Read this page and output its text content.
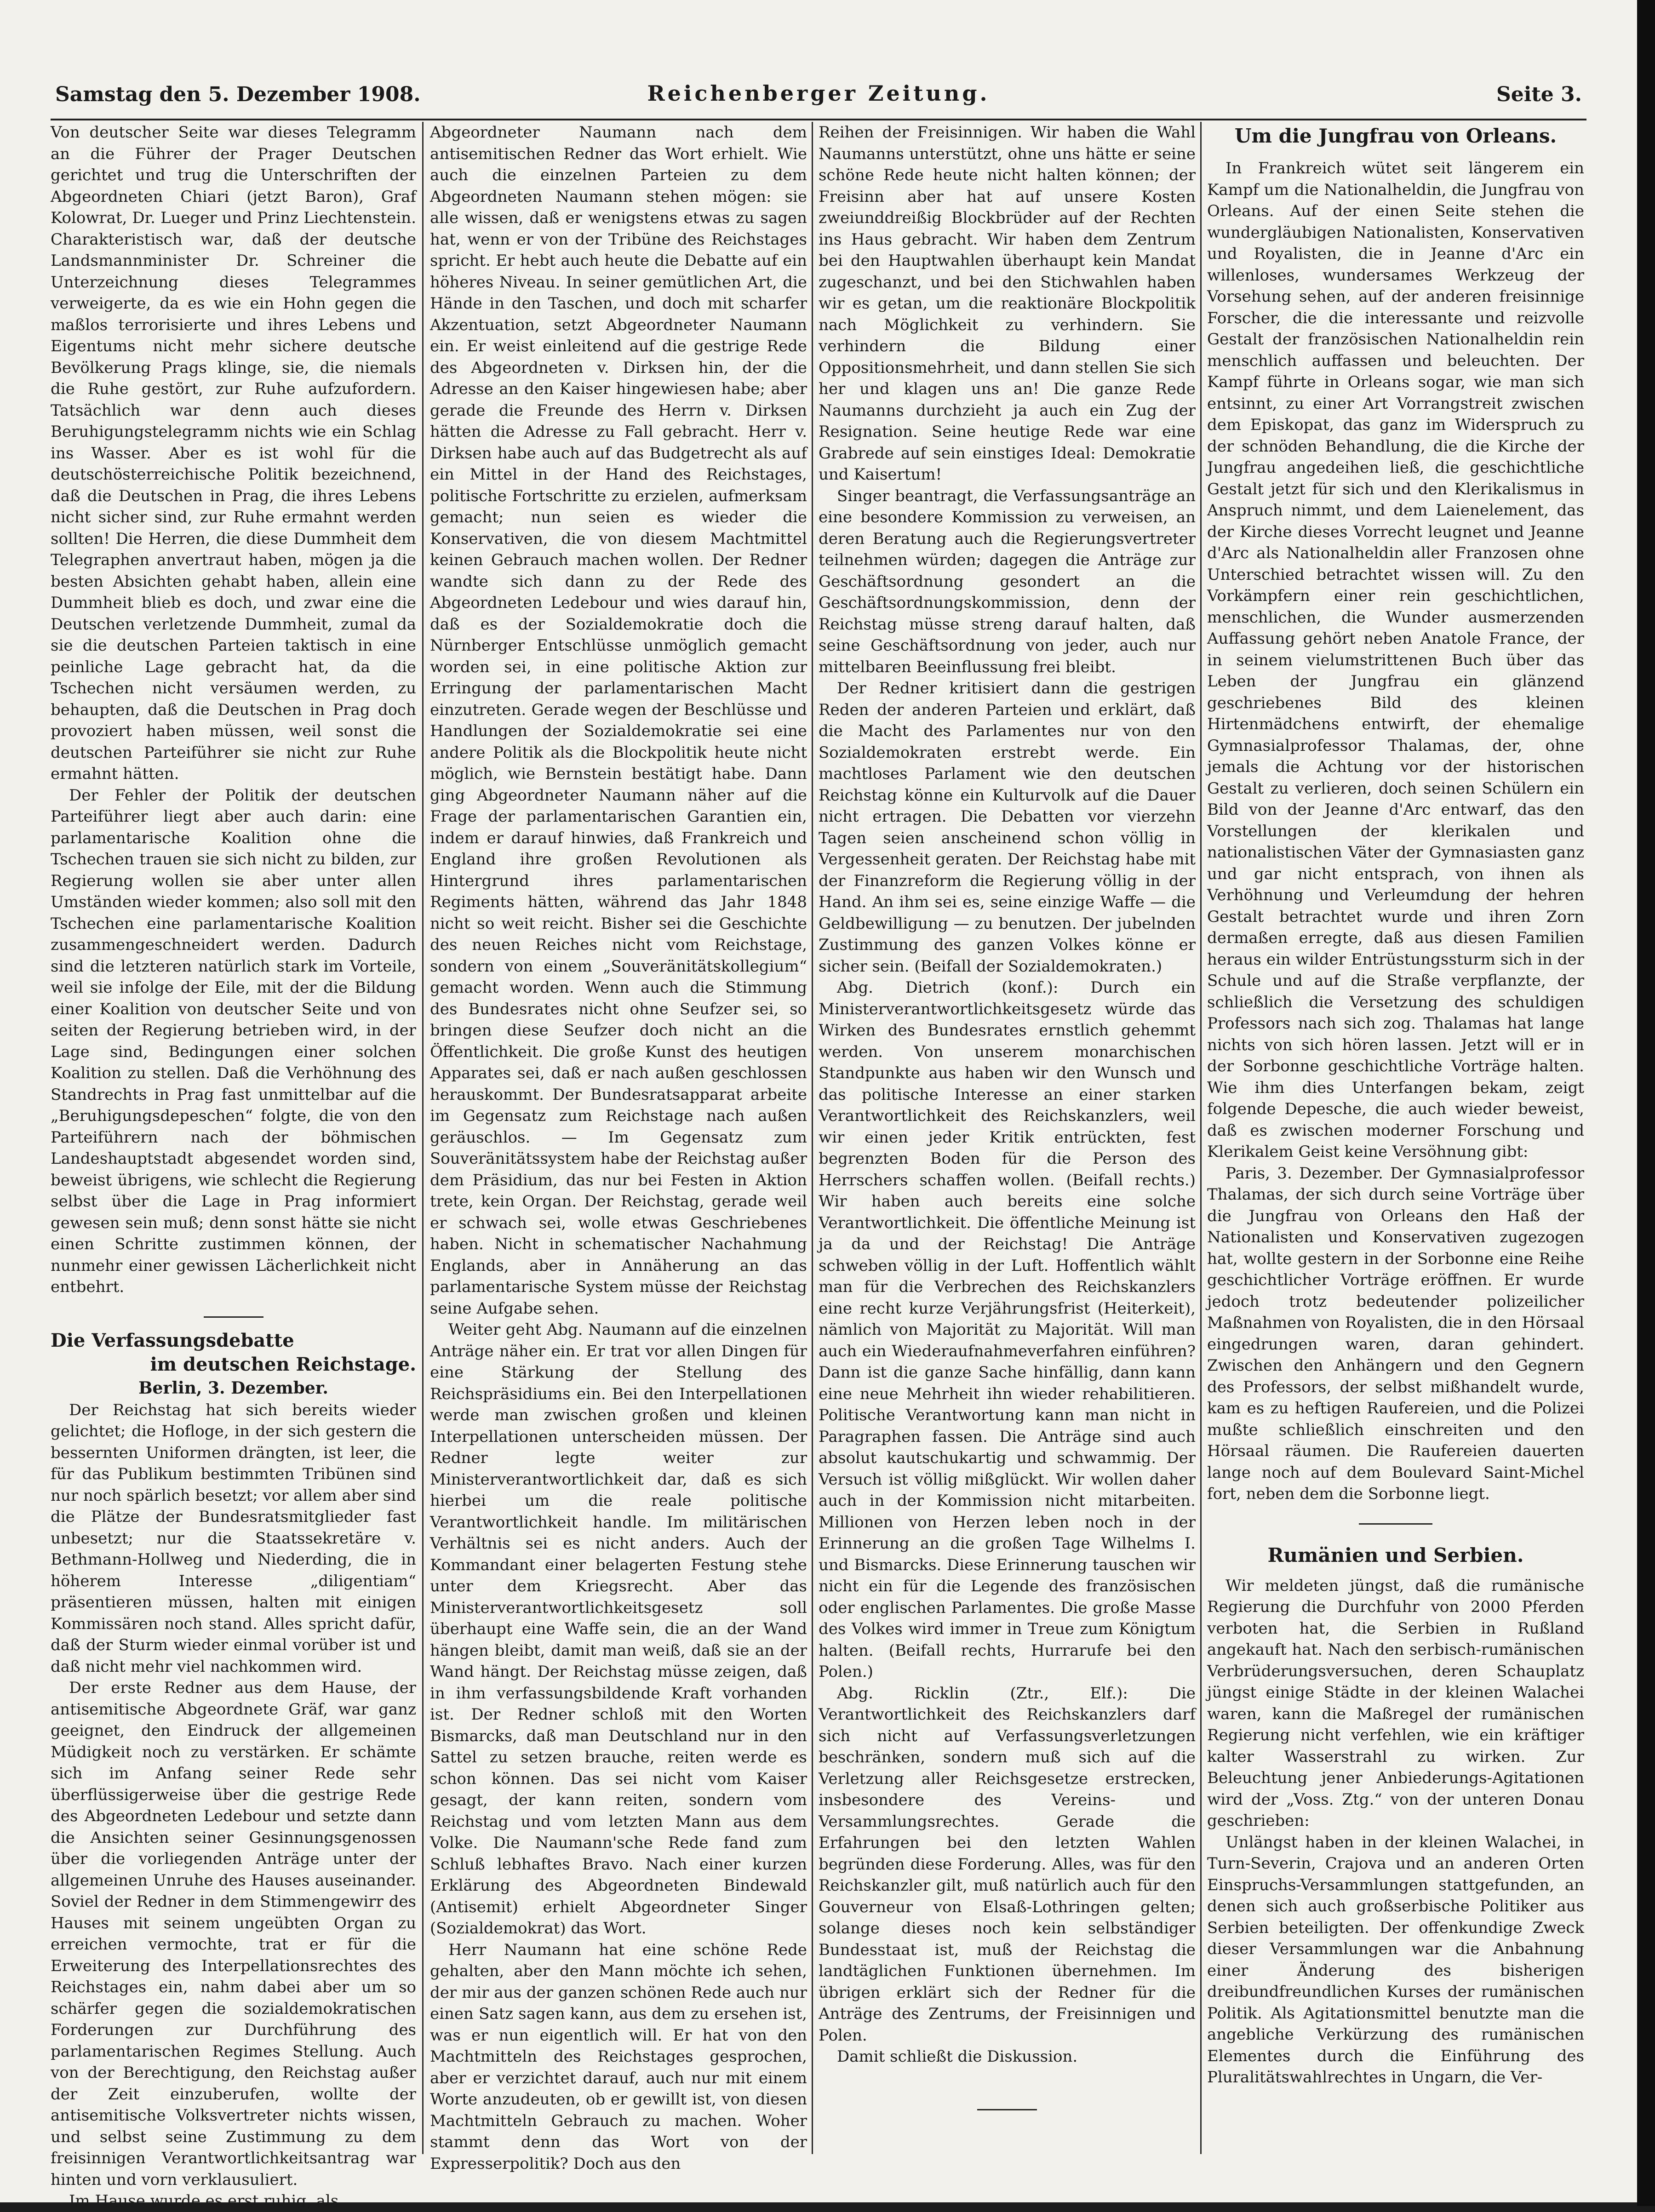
Samstag den 5. Dezember 1908.	Reichenberger Zeitung.	Seite 3.

Von deutscher Seite war dieses Telegramm an die Führer der Prager Deutschen gerichtet und trug die Unterschriften der Abgeordneten Chiari (jetzt Baron), Graf Kolowrat, Dr. Lueger und Prinz Liechtenstein. Charakteristisch war, daß der deutsche Landsmannminister Dr. Schreiner die Unterzeichnung dieses Telegrammes verweigerte, da es wie ein Hohn gegen die maßlos terrorisierte und ihres Lebens und Eigentums nicht mehr sichere deutsche Bevölkerung Prags klinge, sie, die niemals die Ruhe gestört, zur Ruhe aufzufordern. Tatsächlich war denn auch dieses Beruhigungstelegramm nichts wie ein Schlag ins Wasser. Aber es ist wohl für die deutschösterreichische Politik bezeichnend, daß die Deutschen in Prag, die ihres Lebens nicht sicher sind, zur Ruhe ermahnt werden sollten! Die Herren, die diese Dummheit dem Telegraphen anvertraut haben, mögen ja die besten Absichten gehabt haben, allein eine Dummheit blieb es doch, und zwar eine die Deutschen verletzende Dummheit, zumal da sie die deutschen Parteien taktisch in eine peinliche Lage gebracht hat, da die Tschechen nicht versäumen werden, zu behaupten, daß die Deutschen in Prag doch provoziert haben müssen, weil sonst die deutschen Parteiführer sie nicht zur Ruhe ermahnt hätten.

Der Fehler der Politik der deutschen Parteiführer liegt aber auch darin: eine parlamentarische Koalition ohne die Tschechen trauen sie sich nicht zu bilden, zur Regierung wollen sie aber unter allen Umständen wieder kommen; also soll mit den Tschechen eine parlamentarische Koalition zusammengeschneidert werden. Dadurch sind die letzteren natürlich stark im Vorteile, weil sie infolge der Eile, mit der die Bildung einer Koalition von deutscher Seite und von seiten der Regierung betrieben wird, in der Lage sind, Bedingungen einer solchen Koalition zu stellen. Daß die Verhöhnung des Standrechts in Prag fast unmittelbar auf die „Beruhigungsdepeschen“ folgte, die von den Parteiführern nach der böhmischen Landeshauptstadt abgesendet worden sind, beweist übrigens, wie schlecht die Regierung selbst über die Lage in Prag informiert gewesen sein muß; denn sonst hätte sie nicht einen Schritte zustimmen können, der nunmehr einer gewissen Lächerlichkeit nicht entbehrt.

Die Verfassungsdebatte
im deutschen Reichstage.
Berlin, 3. Dezember.

Der Reichstag hat sich bereits wieder gelichtet; die Hofloge, in der sich gestern die bessernten Uniformen drängten, ist leer, die für das Publikum bestimmten Tribünen sind nur noch spärlich besetzt; vor allem aber sind die Plätze der Bundesratsmitglieder fast unbesetzt; nur die Staatssekretäre v. Bethmann-Hollweg und Niederding, die in höherem Interesse „diligentiam“ präsentieren müssen, halten mit einigen Kommissären noch stand. Alles spricht dafür, daß der Sturm wieder einmal vorüber ist und daß nicht mehr viel nachkommen wird.

Der erste Redner aus dem Hause, der antisemitische Abgeordnete Gräf, war ganz geeignet, den Eindruck der allgemeinen Müdigkeit noch zu verstärken. Er schämte sich im Anfang seiner Rede sehr überflüssigerweise über die gestrige Rede des Abgeordneten Ledebour und setzte dann die Ansichten seiner Gesinnungsgenossen über die vorliegenden Anträge unter der allgemeinen Unruhe des Hauses auseinander. Soviel der Redner in dem Stimmengewirr des Hauses mit seinem ungeübten Organ zu erreichen vermochte, trat er für die Erweiterung des Interpellationsrechtes des Reichstages ein, nahm dabei aber um so schärfer gegen die sozialdemokratischen Forderungen zur Durchführung des parlamentarischen Regimes Stellung. Auch von der Berechtigung, den Reichstag außer der Zeit einzuberufen, wollte der antisemitische Volksvertreter nichts wissen, und selbst seine Zustimmung zu dem freisinnigen Verantwortlichkeitsantrag war hinten und vorn verklausuliert.

Im Hause wurde es erst ruhig, als

Abgeordneter Naumann nach dem antisemitischen Redner das Wort erhielt. Wie auch die einzelnen Parteien zu dem Abgeordneten Naumann stehen mögen: sie alle wissen, daß er wenigstens etwas zu sagen hat, wenn er von der Tribüne des Reichstages spricht. Er hebt auch heute die Debatte auf ein höheres Niveau. In seiner gemütlichen Art, die Hände in den Taschen, und doch mit scharfer Akzentuation, setzt Abgeordneter Naumann ein. Er weist einleitend auf die gestrige Rede des Abgeordneten v. Dirksen hin, der die Adresse an den Kaiser hingewiesen habe; aber gerade die Freunde des Herrn v. Dirksen hätten die Adresse zu Fall gebracht. Herr v. Dirksen habe auch auf das Budgetrecht als auf ein Mittel in der Hand des Reichstages, politische Fortschritte zu erzielen, aufmerksam gemacht; nun seien es wieder die Konservativen, die von diesem Machtmittel keinen Gebrauch machen wollen. Der Redner wandte sich dann zu der Rede des Abgeordneten Ledebour und wies darauf hin, daß es der Sozialdemokratie doch die Nürnberger Entschlüsse unmöglich gemacht worden sei, in eine politische Aktion zur Erringung der parlamentarischen Macht einzutreten. Gerade wegen der Beschlüsse und Handlungen der Sozialdemokratie sei eine andere Politik als die Blockpolitik heute nicht möglich, wie Bernstein bestätigt habe. Dann ging Abgeordneter Naumann näher auf die Frage der parlamentarischen Garantien ein, indem er darauf hinwies, daß Frankreich und England ihre großen Revolutionen als Hintergrund ihres parlamentarischen Regiments hätten, während das Jahr 1848 nicht so weit reicht. Bisher sei die Geschichte des neuen Reiches nicht vom Reichstage, sondern von einem „Souveränitätskollegium“ gemacht worden. Wenn auch die Stimmung des Bundesrates nicht ohne Seufzer sei, so bringen diese Seufzer doch nicht an die Öffentlichkeit. Die große Kunst des heutigen Apparates sei, daß er nach außen geschlossen herauskommt. Der Bundesratsapparat arbeite im Gegensatz zum Reichstage nach außen geräuschlos. — Im Gegensatz zum Souveränitätssystem habe der Reichstag außer dem Präsidium, das nur bei Festen in Aktion trete, kein Organ. Der Reichstag, gerade weil er schwach sei, wolle etwas Geschriebenes haben. Nicht in schematischer Nachahmung Englands, aber in Annäherung an das parlamentarische System müsse der Reichstag seine Aufgabe sehen.

Weiter geht Abg. Naumann auf die einzelnen Anträge näher ein. Er trat vor allen Dingen für eine Stärkung der Stellung des Reichspräsidiums ein. Bei den Interpellationen werde man zwischen großen und kleinen Interpellationen unterscheiden müssen. Der Redner legte weiter zur Ministerverantwortlichkeit dar, daß es sich hierbei um die reale politische Verantwortlichkeit handle. Im militärischen Verhältnis sei es nicht anders. Auch der Kommandant einer belagerten Festung stehe unter dem Kriegsrecht. Aber das Ministerverantwortlichkeitsgesetz soll überhaupt eine Waffe sein, die an der Wand hängen bleibt, damit man weiß, daß sie an der Wand hängt. Der Reichstag müsse zeigen, daß in ihm verfassungsbildende Kraft vorhanden ist. Der Redner schloß mit den Worten Bismarcks, daß man Deutschland nur in den Sattel zu setzen brauche, reiten werde es schon können. Das sei nicht vom Kaiser gesagt, der kann reiten, sondern vom Reichstag und vom letzten Mann aus dem Volke. Die Naumann'sche Rede fand zum Schluß lebhaftes Bravo. Nach einer kurzen Erklärung des Abgeordneten Bindewald (Antisemit) erhielt Abgeordneter Singer (Sozialdemokrat) das Wort.

Herr Naumann hat eine schöne Rede gehalten, aber den Mann möchte ich sehen, der mir aus der ganzen schönen Rede auch nur einen Satz sagen kann, aus dem zu ersehen ist, was er nun eigentlich will. Er hat von den Machtmitteln des Reichstages gesprochen, aber er verzichtet darauf, auch nur mit einem Worte anzudeuten, ob er gewillt ist, von diesen Machtmitteln Gebrauch zu machen. Woher stammt denn das Wort von der Expresserpolitik? Doch aus den

Reihen der Freisinnigen. Wir haben die Wahl Naumanns unterstützt, ohne uns hätte er seine schöne Rede heute nicht halten können; der Freisinn aber hat auf unsere Kosten zweiunddreißig Blockbrüder auf der Rechten ins Haus gebracht. Wir haben dem Zentrum bei den Hauptwahlen überhaupt kein Mandat zugeschanzt, und bei den Stichwahlen haben wir es getan, um die reaktionäre Blockpolitik nach Möglichkeit zu verhindern. Sie verhindern die Bildung einer Oppositionsmehrheit, und dann stellen Sie sich her und klagen uns an! Die ganze Rede Naumanns durchzieht ja auch ein Zug der Resignation. Seine heutige Rede war eine Grabrede auf sein einstiges Ideal: Demokratie und Kaisertum!

Singer beantragt, die Verfassungsanträge an eine besondere Kommission zu verweisen, an deren Beratung auch die Regierungsvertreter teilnehmen würden; dagegen die Anträge zur Geschäftsordnung gesondert an die Geschäftsordnungskommission, denn der Reichstag müsse streng darauf halten, daß seine Geschäftsordnung von jeder, auch nur mittelbaren Beeinflussung frei bleibt.

Der Redner kritisiert dann die gestrigen Reden der anderen Parteien und erklärt, daß die Macht des Parlamentes nur von den Sozialdemokraten erstrebt werde. Ein machtloses Parlament wie den deutschen Reichstag könne ein Kulturvolk auf die Dauer nicht ertragen. Die Debatten vor vierzehn Tagen seien anscheinend schon völlig in Vergessenheit geraten. Der Reichstag habe mit der Finanzreform die Regierung völlig in der Hand. An ihm sei es, seine einzige Waffe — die Geldbewilligung — zu benutzen. Der jubelnden Zustimmung des ganzen Volkes könne er sicher sein. (Beifall der Sozialdemokraten.)

Abg. Dietrich (konf.): Durch ein Ministerverantwortlichkeitsgesetz würde das Wirken des Bundesrates ernstlich gehemmt werden. Von unserem monarchischen Standpunkte aus haben wir den Wunsch und das politische Interesse an einer starken Verantwortlichkeit des Reichskanzlers, weil wir einen jeder Kritik entrückten, fest begrenzten Boden für die Person des Herrschers schaffen wollen. (Beifall rechts.) Wir haben auch bereits eine solche Verantwortlichkeit. Die öffentliche Meinung ist ja da und der Reichstag! Die Anträge schweben völlig in der Luft. Hoffentlich wählt man für die Verbrechen des Reichskanzlers eine recht kurze Verjährungsfrist (Heiterkeit), nämlich von Majorität zu Majorität. Will man auch ein Wiederaufnahmeverfahren einführen? Dann ist die ganze Sache hinfällig, dann kann eine neue Mehrheit ihn wieder rehabilitieren. Politische Verantwortung kann man nicht in Paragraphen fassen. Die Anträge sind auch absolut kautschukartig und schwammig. Der Versuch ist völlig mißglückt. Wir wollen daher auch in der Kommission nicht mitarbeiten. Millionen von Herzen leben noch in der Erinnerung an die großen Tage Wilhelms I. und Bismarcks. Diese Erinnerung tauschen wir nicht ein für die Legende des französischen oder englischen Parlamentes. Die große Masse des Volkes wird immer in Treue zum Königtum halten. (Beifall rechts, Hurrarufe bei den Polen.)

Abg. Ricklin (Ztr., Elf.): Die Verantwortlichkeit des Reichskanzlers darf sich nicht auf Verfassungsverletzungen beschränken, sondern muß sich auf die Verletzung aller Reichsgesetze erstrecken, insbesondere des Vereins- und Versammlungsrechtes. Gerade die Erfahrungen bei den letzten Wahlen begründen diese Forderung. Alles, was für den Reichskanzler gilt, muß natürlich auch für den Gouverneur von Elsaß-Lothringen gelten; solange dieses noch kein selbständiger Bundesstaat ist, muß der Reichstag die landtäglichen Funktionen übernehmen. Im übrigen erklärt sich der Redner für die Anträge des Zentrums, der Freisinnigen und Polen.

Damit schließt die Diskussion.

Um die Jungfrau von Orleans.

In Frankreich wütet seit längerem ein Kampf um die Nationalheldin, die Jungfrau von Orleans. Auf der einen Seite stehen die wundergläubigen Nationalisten, Konservativen und Royalisten, die in Jeanne d'Arc ein willenloses, wundersames Werkzeug der Vorsehung sehen, auf der anderen freisinnige Forscher, die die interessante und reizvolle Gestalt der französischen Nationalheldin rein menschlich auffassen und beleuchten. Der Kampf führte in Orleans sogar, wie man sich entsinnt, zu einer Art Vorrangstreit zwischen dem Episkopat, das ganz im Widerspruch zu der schnöden Behandlung, die die Kirche der Jungfrau angedeihen ließ, die geschichtliche Gestalt jetzt für sich und den Klerikalismus in Anspruch nimmt, und dem Laienelement, das der Kirche dieses Vorrecht leugnet und Jeanne d'Arc als Nationalheldin aller Franzosen ohne Unterschied betrachtet wissen will. Zu den Vorkämpfern einer rein geschichtlichen, menschlichen, die Wunder ausmerzenden Auffassung gehört neben Anatole France, der in seinem vielumstrittenen Buch über das Leben der Jungfrau ein glänzend geschriebenes Bild des kleinen Hirtenmädchens entwirft, der ehemalige Gymnasialprofessor Thalamas, der, ohne jemals die Achtung vor der historischen Gestalt zu verlieren, doch seinen Schülern ein Bild von der Jeanne d'Arc entwarf, das den Vorstellungen der klerikalen und nationalistischen Väter der Gymnasiasten ganz und gar nicht entsprach, von ihnen als Verhöhnung und Verleumdung der hehren Gestalt betrachtet wurde und ihren Zorn dermaßen erregte, daß aus diesen Familien heraus ein wilder Entrüstungssturm sich in der Schule und auf die Straße verpflanzte, der schließlich die Versetzung des schuldigen Professors nach sich zog. Thalamas hat lange nichts von sich hören lassen. Jetzt will er in der Sorbonne geschichtliche Vorträge halten. Wie ihm dies Unterfangen bekam, zeigt folgende Depesche, die auch wieder beweist, daß es zwischen moderner Forschung und Klerikalem Geist keine Versöhnung gibt:

Paris, 3. Dezember. Der Gymnasialprofessor Thalamas, der sich durch seine Vorträge über die Jungfrau von Orleans den Haß der Nationalisten und Konservativen zugezogen hat, wollte gestern in der Sorbonne eine Reihe geschichtlicher Vorträge eröffnen. Er wurde jedoch trotz bedeutender polizeilicher Maßnahmen von Royalisten, die in den Hörsaal eingedrungen waren, daran gehindert. Zwischen den Anhängern und den Gegnern des Professors, der selbst mißhandelt wurde, kam es zu heftigen Raufereien, und die Polizei mußte schließlich einschreiten und den Hörsaal räumen. Die Raufereien dauerten lange noch auf dem Boulevard Saint-Michel fort, neben dem die Sorbonne liegt.

Rumänien und Serbien.

Wir meldeten jüngst, daß die rumänische Regierung die Durchfuhr von 2000 Pferden verboten hat, die Serbien in Rußland angekauft hat. Nach den serbisch-rumänischen Verbrüderungsversuchen, deren Schauplatz jüngst einige Städte in der kleinen Walachei waren, kann die Maßregel der rumänischen Regierung nicht verfehlen, wie ein kräftiger kalter Wasserstrahl zu wirken. Zur Beleuchtung jener Anbiederungs-Agitationen wird der „Voss. Ztg.“ von der unteren Donau geschrieben:

Unlängst haben in der kleinen Walachei, in Turn-Severin, Crajova und an anderen Orten Einspruchs-Versammlungen stattgefunden, an denen sich auch großserbische Politiker aus Serbien beteiligten. Der offenkundige Zweck dieser Versammlungen war die Anbahnung einer Änderung des bisherigen dreibundfreundlichen Kurses der rumänischen Politik. Als Agitationsmittel benutzte man die angebliche Verkürzung des rumänischen Elementes durch die Einführung des Pluralitätswahlrechtes in Ungarn, die Ver-
